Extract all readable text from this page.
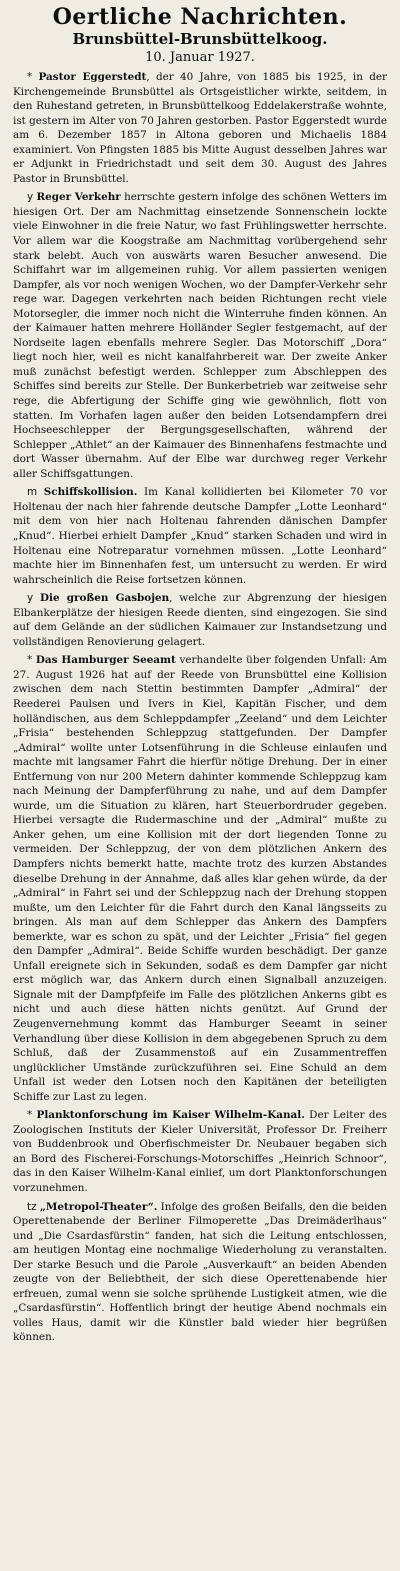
Oertliche Nachrichten.
Brunsbüttel-Brunsbüttelkoog.

10. Januar 1927.

* Pastor Eggerstedt, der 40 Jahre, von 1885 bis 1925, in der Kirchengemeinde Brunsbüttel als Ortsgeistlicher wirkte, seitdem, in den Ruhestand getreten, in Brunsbüttelkoog Eddelakerstraße wohnte, ist gestern im Alter von 70 Jahren gestorben. Pastor Eggerstedt wurde am 6. Dezember 1857 in Altona geboren und Michaelis 1884 examiniert. Von Pfingsten 1885 bis Mitte August desselben Jahres war er Adjunkt in Friedrichstadt und seit dem 30. August des Jahres Pastor in Brunsbüttel.

y Reger Verkehr herrschte gestern infolge des schönen Wetters im hiesigen Ort. Der am Nachmittag einsetzende Sonnenschein lockte viele Einwohner in die freie Natur, wo fast Frühlingswetter herrschte. Vor allem war die Koogstraße am Nachmittag vorübergehend sehr stark belebt. Auch von auswärts waren Besucher anwesend. Die Schiffahrt war im allgemeinen ruhig. Vor allem passierten wenigen Dampfer, als vor noch wenigen Wochen, wo der Dampfer-Verkehr sehr rege war. Dagegen verkehrten nach beiden Richtungen recht viele Motorsegler, die immer noch nicht die Winterruhe finden können. An der Kaimauer hatten mehrere Holländer Segler festgemacht, auf der Nordseite lagen ebenfalls mehrere Segler. Das Motorschiff „Dora“ liegt noch hier, weil es nicht kanalfahrbereit war. Der zweite Anker muß zunächst befestigt werden. Schlepper zum Abschleppen des Schiffes sind bereits zur Stelle. Der Bunkerbetrieb war zeitweise sehr rege, die Abfertigung der Schiffe ging wie gewöhnlich, flott von statten. Im Vorhafen lagen außer den beiden Lotsendampfern drei Hochseeschlepper der Bergungsgesellschaften, während der Schlepper „Athlet“ an der Kaimauer des Binnenhafens festmachte und dort Wasser übernahm. Auf der Elbe war durchweg reger Verkehr aller Schiffsgattungen.

m Schiffskollision. Im Kanal kollidierten bei Kilometer 70 vor Holtenau der nach hier fahrende deutsche Dampfer „Lotte Leonhard“ mit dem von hier nach Holtenau fahrenden dänischen Dampfer „Knud“. Hierbei erhielt Dampfer „Knud“ starken Schaden und wird in Holtenau eine Notreparatur vornehmen müssen. „Lotte Leonhard“ machte hier im Binnenhafen fest, um untersucht zu werden. Er wird wahrscheinlich die Reise fortsetzen können.

y Die großen Gasbojen, welche zur Abgrenzung der hiesigen Elbankerplätze der hiesigen Reede dienten, sind eingezogen. Sie sind auf dem Gelände an der südlichen Kaimauer zur Instandsetzung und vollständigen Renovierung gelagert.

* Das Hamburger Seeamt verhandelte über folgenden Unfall: Am 27. August 1926 hat auf der Reede von Brunsbüttel eine Kollision zwischen dem nach Stettin bestimmten Dampfer „Admiral“ der Reederei Paulsen und Ivers in Kiel, Kapitän Fischer, und dem holländischen, aus dem Schleppdampfer „Zeeland“ und dem Leichter „Frisia“ bestehenden Schleppzug stattgefunden. Der Dampfer „Admiral“ wollte unter Lotsenführung in die Schleuse einlaufen und machte mit langsamer Fahrt die hierfür nötige Drehung. Der in einer Entfernung von nur 200 Metern dahinter kommende Schleppzug kam nach Meinung der Dampferführung zu nahe, und auf dem Dampfer wurde, um die Situation zu klären, hart Steuerbordruder gegeben. Hierbei versagte die Rudermaschine und der „Admiral“ mußte zu Anker gehen, um eine Kollision mit der dort liegenden Tonne zu vermeiden. Der Schleppzug, der von dem plötzlichen Ankern des Dampfers nichts bemerkt hatte, machte trotz des kurzen Abstandes dieselbe Drehung in der Annahme, daß alles klar gehen würde, da der „Admiral“ in Fahrt sei und der Schleppzug nach der Drehung stoppen mußte, um den Leichter für die Fahrt durch den Kanal längsseits zu bringen. Als man auf dem Schlepper das Ankern des Dampfers bemerkte, war es schon zu spät, und der Leichter „Frisia“ fiel gegen den Dampfer „Admiral“. Beide Schiffe wurden beschädigt. Der ganze Unfall ereignete sich in Sekunden, sodaß es dem Dampfer gar nicht erst möglich war, das Ankern durch einen Signalball anzuzeigen. Signale mit der Dampfpfeife im Falle des plötzlichen Ankerns gibt es nicht und auch diese hätten nichts genützt. Auf Grund der Zeugenvernehmung kommt das Hamburger Seeamt in seiner Verhandlung über diese Kollision in dem abgegebenen Spruch zu dem Schluß, daß der Zusammenstoß auf ein Zusammentreffen unglücklicher Umstände zurückzuführen sei. Eine Schuld an dem Unfall ist weder den Lotsen noch den Kapitänen der beteiligten Schiffe zur Last zu legen.

* Planktonforschung im Kaiser Wilhelm-Kanal. Der Leiter des Zoologischen Instituts der Kieler Universität, Professor Dr. Freiherr von Buddenbrook und Oberfischmeister Dr. Neubauer begaben sich an Bord des Fischerei-Forschungs-Motorschiffes „Heinrich Schnoor“, das in den Kaiser Wilhelm-Kanal einlief, um dort Planktonforschungen vorzunehmen.

tz „Metropol-Theater“. Infolge des großen Beifalls, den die beiden Operettenabende der Berliner Filmoperette „Das Dreimäderlhaus“ und „Die Csardasfürstin“ fanden, hat sich die Leitung entschlossen, am heutigen Montag eine nochmalige Wiederholung zu veranstalten. Der starke Besuch und die Parole „Ausverkauft“ an beiden Abenden zeugte von der Beliebtheit, der sich diese Operettenabende hier erfreuen, zumal wenn sie solche sprühende Lustigkeit atmen, wie die „Csardasfürstin“. Hoffentlich bringt der heutige Abend nochmals ein volles Haus, damit wir die Künstler bald wieder hier begrüßen können.
